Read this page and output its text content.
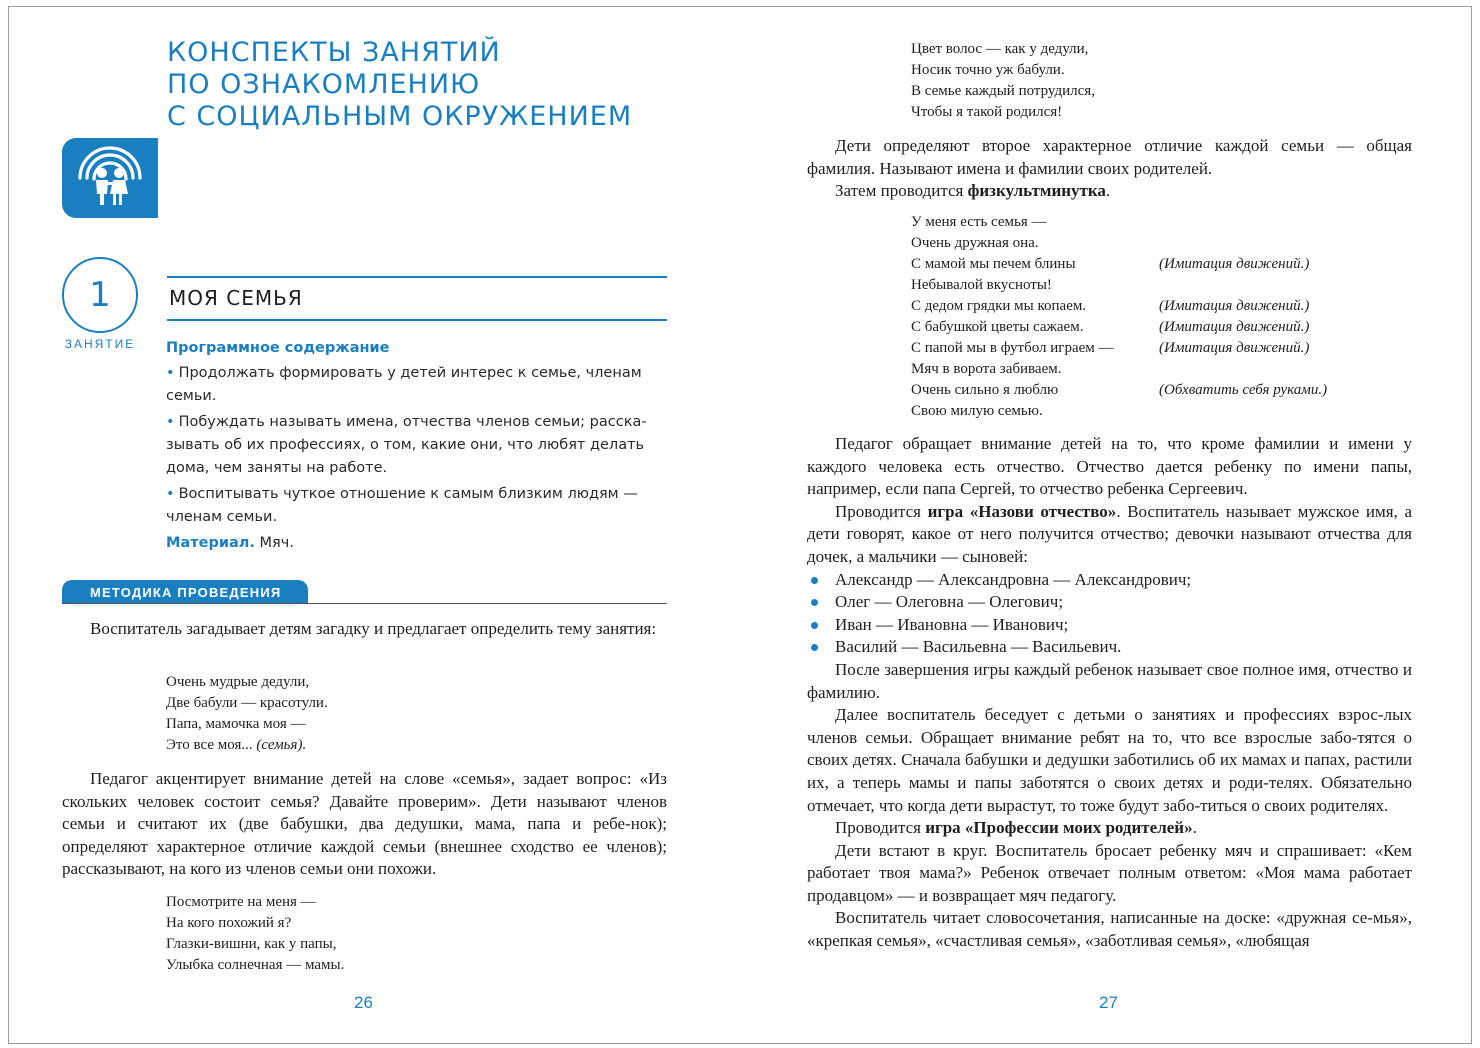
КОНСПЕКТЫ ЗАНЯТИЙ
ПО ОЗНАКОМЛЕНИЮ
С СОЦИАЛЬНЫМ ОКРУЖЕНИЕМ
1
ЗАНЯТИЕ
МОЯ СЕМЬЯ

Программное содержание

• Продолжать формировать у детей интерес к семье, членам семьи.

• Побуждать называть имена, отчества членов семьи; расска-зывать об их профессиях, о том, какие они, что любят делать дома, чем заняты на работе.

• Воспитывать чуткое отношение к самым близким людям — членам семьи.

Материал. Мяч.

МЕТОДИКА ПРОВЕДЕНИЯ

Воспитатель загадывает детям загадку и предлагает определить тему занятия:

Очень мудрые дедули,
Две бабули — красотули.
Папа, мамочка моя —
Это все моя... (семья).

Педагог акцентирует внимание детей на слове «семья», задает вопрос: «Из скольких человек состоит семья? Давайте проверим». Дети называют членов семьи и считают их (две бабушки, два дедушки, мама, папа и ребе-нок); определяют характерное отличие каждой семьи (внешнее сходство ее членов); рассказывают, на кого из членов семьи они похожи.

Посмотрите на меня —
На кого похожий я?
Глазки-вишни, как у папы,
Улыбка солнечная — мамы.
26
Цвет волос — как у дедули,
Носик точно уж бабули.
В семье каждый потрудился,
Чтобы я такой родился!

Дети определяют второе характерное отличие каждой семьи — общая фамилия. Называют имена и фамилии своих родителей.

Затем проводится физкультминутка.

У меня есть семья —
Очень дружная она.
С мамой мы печем блины	(Имитация движений.)
Небывалой вкусноты!
С дедом грядки мы копаем.	(Имитация движений.)
С бабушкой цветы сажаем.	(Имитация движений.)
С папой мы в футбол играем —	(Имитация движений.)
Мяч в ворота забиваем.
Очень сильно я люблю	(Обхватить себя руками.)
Свою милую семью.

Педагог обращает внимание детей на то, что кроме фамилии и имени у каждого человека есть отчество. Отчество дается ребенку по имени папы, например, если папа Сергей, то отчество ребенка Сергеевич.

Проводится игра «Назови отчество». Воспитатель называет мужское имя, а дети говорят, какое от него получится отчество; девочки называют отчества для дочек, а мальчики — сыновей:

Александр — Александровна — Александрович;
Олег — Олеговна — Олегович;
Иван — Ивановна — Иванович;
Василий — Васильевна — Васильевич.

После завершения игры каждый ребенок называет свое полное имя, отчество и фамилию.

Далее воспитатель беседует с детьми о занятиях и профессиях взрос-лых членов семьи. Обращает внимание ребят на то, что все взрослые забо-тятся о своих детях. Сначала бабушки и дедушки заботились об их мамах и папах, растили их, а теперь мамы и папы заботятся о своих детях и роди-телях. Обязательно отмечает, что когда дети вырастут, то тоже будут забо-титься о своих родителях.

Проводится игра «Профессии моих родителей».

Дети встают в круг. Воспитатель бросает ребенку мяч и спрашивает: «Кем работает твоя мама?» Ребенок отвечает полным ответом: «Моя мама работает продавцом» — и возвращает мяч педагогу.

Воспитатель читает словосочетания, написанные на доске: «дружная се-мья», «крепкая семья», «счастливая семья», «заботливая семья», «любящая

27
